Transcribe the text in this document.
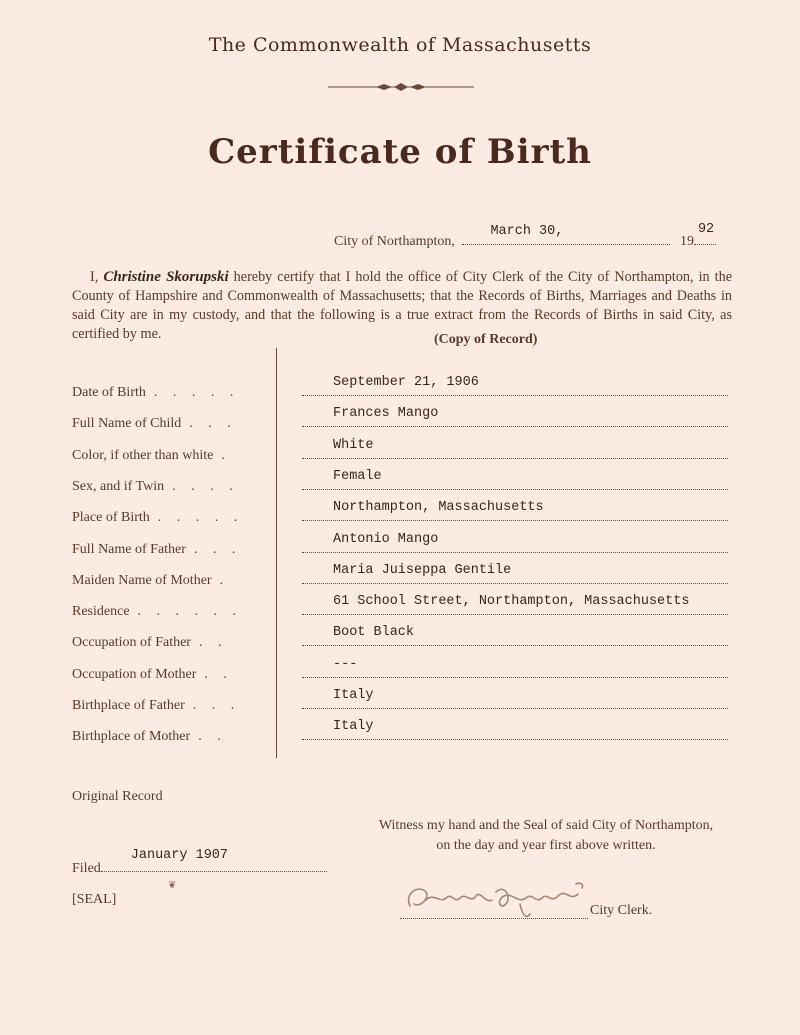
The Commonwealth of Massachusetts
Certificate of Birth
City of Northampton,
March 30,
19
92
I, Christine Skorupski hereby certify that I hold the office of City Clerk of the City of Northampton, in the County of Hampshire and Commonwealth of Massachusetts; that the Records of Births, Marriages and Deaths in said City are in my custody, and that the following is a true extract from the Records of Births in said City, as certified by me.	(Copy of Record)
Date of Birth . . . . .
September 21, 1906
Full Name of Child . . .
Frances Mango
Color, if other than white .
White
Sex, and if Twin . . . .
Female
Place of Birth . . . . .
Northampton, Massachusetts
Full Name of Father . . .
Antonio Mango
Maiden Name of Mother .
Maria Juiseppa Gentile
Residence . . . . . .
61 School Street, Northampton, Massachusetts
Occupation of Father . .
Boot Black
Occupation of Mother . .
---
Birthplace of Father . . .
Italy
Birthplace of Mother . .
Italy
Original Record
Witness my hand and the Seal of said City of Northampton,
on the day and year first above written.
Filed
January 1907
[SEAL]
❦
City Clerk.
